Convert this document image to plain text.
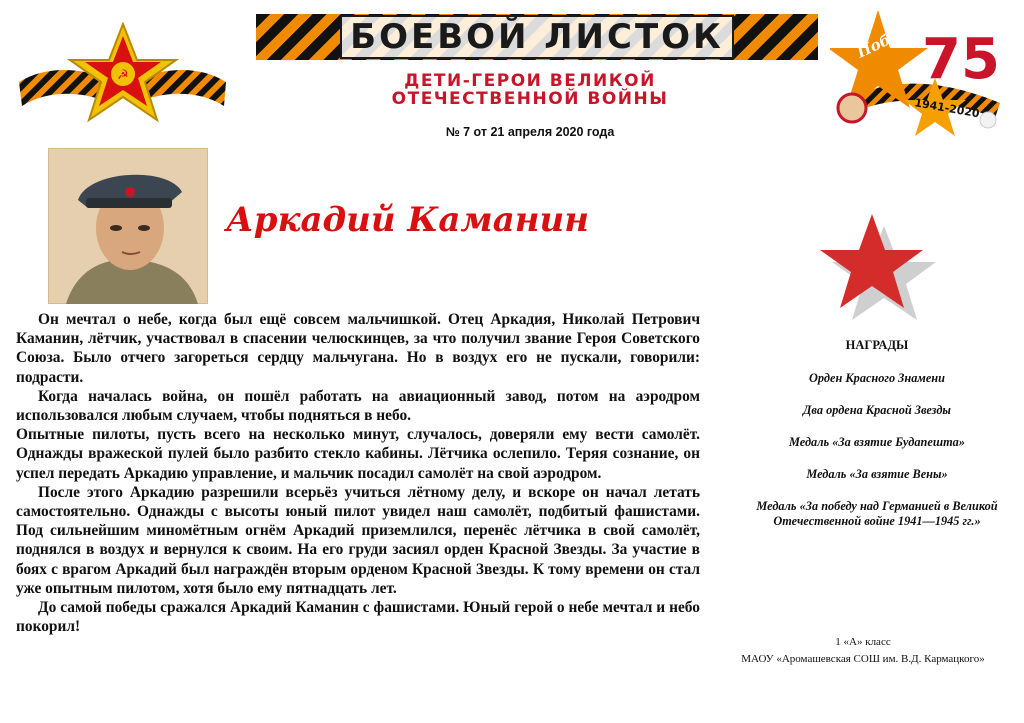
БОЕВОЙ ЛИСТОК
ДЕТИ-ГЕРОИ ВЕЛИКОЙ
ОТЕЧЕСТВЕННОЙ ВОЙНЫ
№ 7 от 21 апреля 2020 года
☭
Победа 75
1941-2020
Аркадий Каманин

Он мечтал о небе, когда был ещё совсем мальчишкой. Отец Аркадия, Николай Петрович Каманин, лётчик, участвовал в спасении челюскинцев, за что получил звание Героя Советского Союза. Было отчего загореться сердцу мальчугана. Но в воздух его не пускали, говорили: подрасти.

Когда началась война, он пошёл работать на авиационный завод, потом на аэродром использовался любым случаем, чтобы подняться в небо.

Опытные пилоты, пусть всего на несколько минут, случалось, доверяли ему вести самолёт. Однажды вражеской пулей было разбито стекло кабины. Лётчика ослепило. Теряя сознание, он успел передать Аркадию управление, и мальчик посадил самолёт на свой аэродром.

После этого Аркадию разрешили всерьёз учиться лётному делу, и вскоре он начал летать самостоятельно. Однажды с высоты юный пилот увидел наш самолёт, подбитый фашистами. Под сильнейшим миномётным огнём Аркадий приземлился, перенёс лётчика в свой самолёт, поднялся в воздух и вернулся к своим. На его груди засиял орден Красной Звезды. За участие в боях с врагом Аркадий был награждён вторым орденом Красной Звезды. К тому времени он стал уже опытным пилотом, хотя было ему пятнадцать лет.

До самой победы сражался Аркадий Каманин с фашистами. Юный герой о небе мечтал и небо покорил!

НАГРАДЫ
Орден Красного Знамени
Два ордена Красной Звезды
Медаль «За взятие Будапешта»
Медаль «За взятие Вены»
Медаль «За победу над Германией в Великой Отечественной войне 1941—1945 гг.»
1 «А» класс
МАОУ «Аромашевская СОШ им. В.Д. Кармацкого»
